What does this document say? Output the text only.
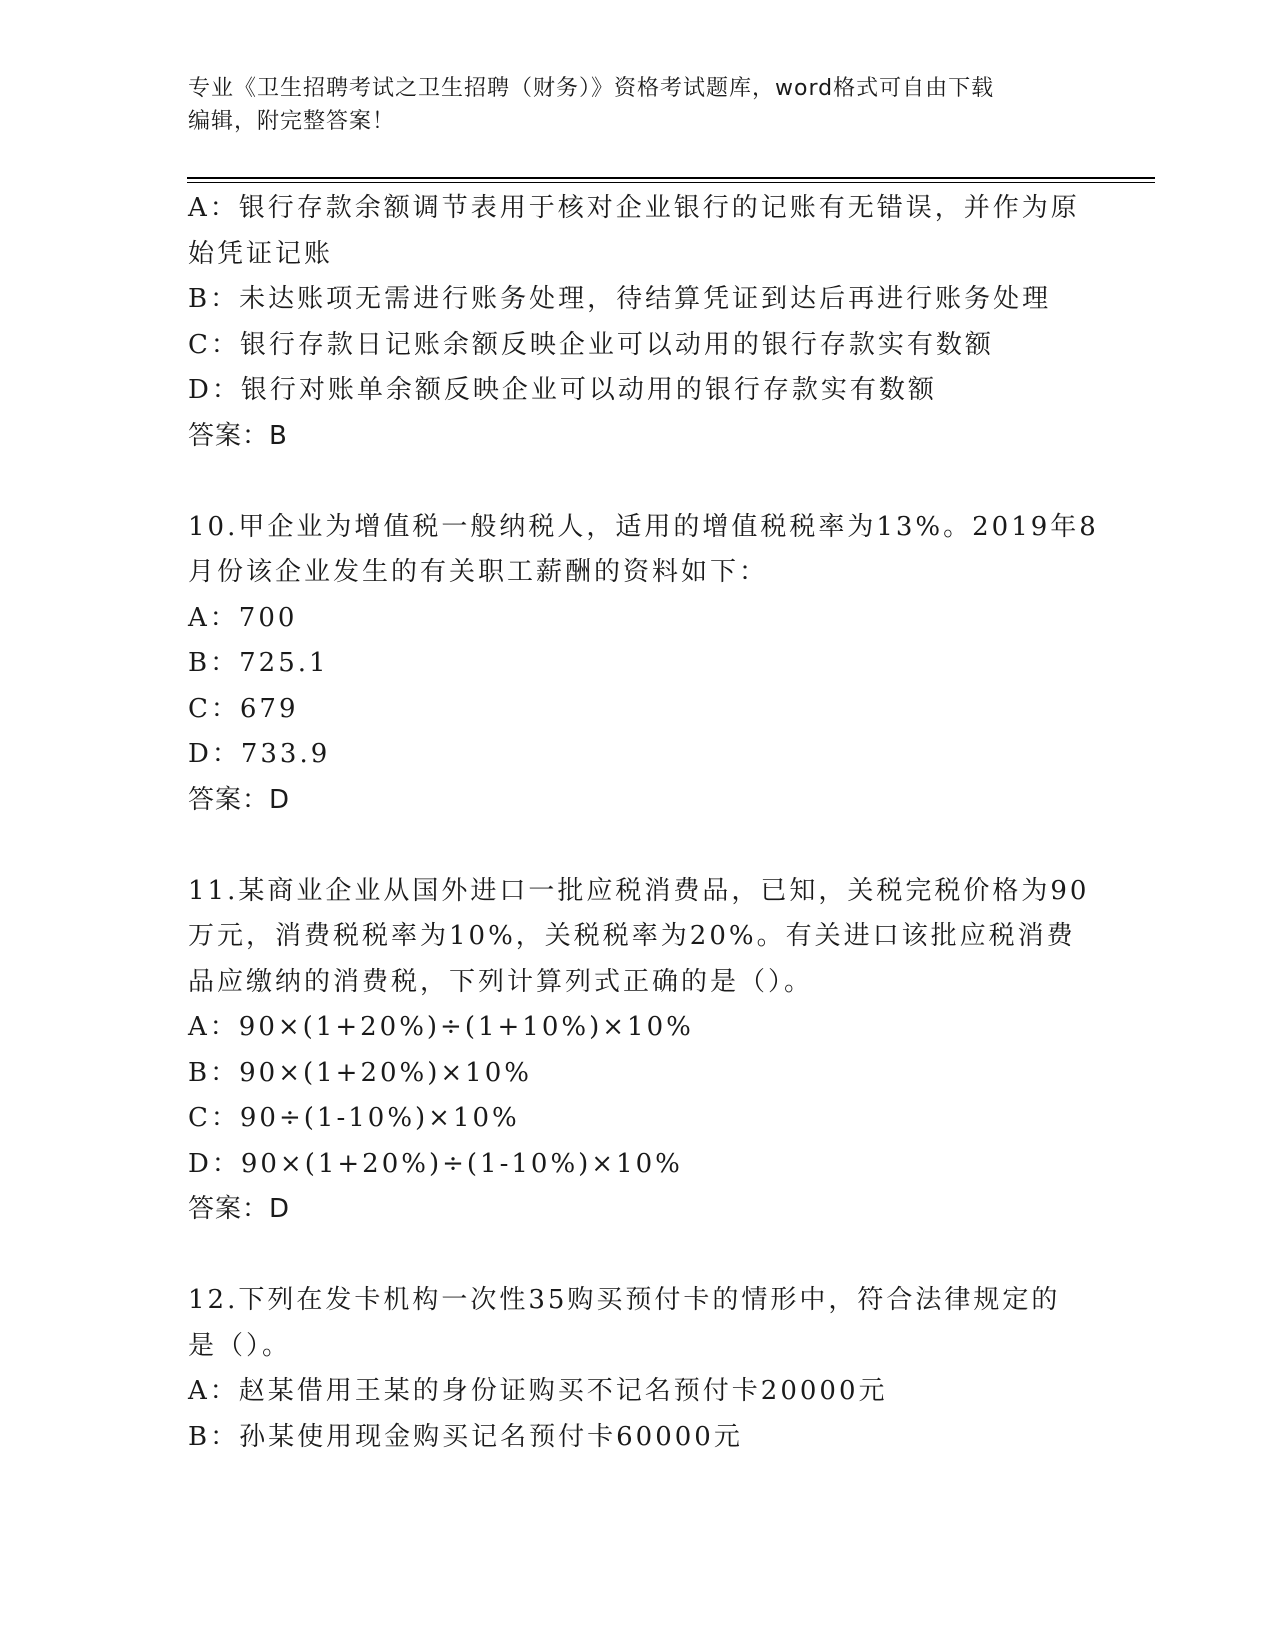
专业《卫生招聘考试之卫生招聘（财务）》资格考试题库，word格式可自由下载
编辑，附完整答案！
A：银行存款余额调节表用于核对企业银行的记账有无错误，并作为原
始凭证记账
B：未达账项无需进行账务处理，待结算凭证到达后再进行账务处理
C：银行存款日记账余额反映企业可以动用的银行存款实有数额
D：银行对账单余额反映企业可以动用的银行存款实有数额
答案：B
10.甲企业为增值税一般纳税人，适用的增值税税率为13%。2019年8
月份该企业发生的有关职工薪酬的资料如下：
A：700
B：725.1
C：679
D：733.9
答案：D
11.某商业企业从国外进口一批应税消费品，已知，关税完税价格为90
万元，消费税税率为10%，关税税率为20%。有关进口该批应税消费
品应缴纳的消费税，下列计算列式正确的是（）。
A：90×(1+20%)÷(1+10%)×10%
B：90×(1+20%)×10%
C：90÷(1-10%)×10%
D：90×(1+20%)÷(1-10%)×10%
答案：D
12.下列在发卡机构一次性35购买预付卡的情形中，符合法律规定的
是（）。
A：赵某借用王某的身份证购买不记名预付卡20000元
B：孙某使用现金购买记名预付卡60000元
